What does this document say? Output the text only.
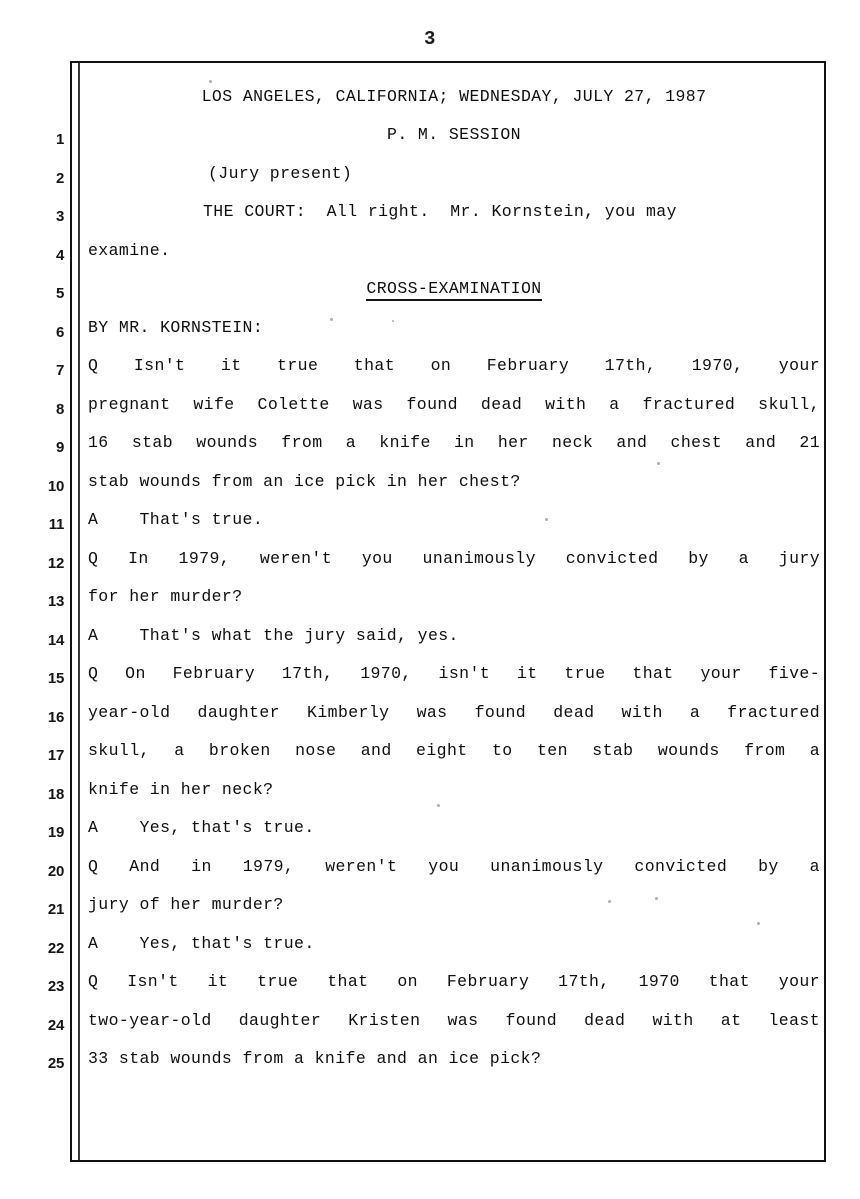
3
1
2
3
4
5
6
7
8
9
10
11
12
13
14
15
16
17
18
19
20
21
22
23
24
25
LOS ANGELES, CALIFORNIA; WEDNESDAY, JULY 27, 1987
P. M. SESSION
(Jury present)
THE COURT:  All right.  Mr. Kornstein, you may
examine.
CROSS-EXAMINATION
BY MR. KORNSTEIN:
Q Isn't it true that on February 17th, 1970, your
pregnant wife Colette was found dead with a fractured skull,
16 stab wounds from a knife in her neck and chest and 21
stab wounds from an ice pick in her chest?
A    That's true.
Q In 1979, weren't you unanimously convicted by a jury
for her murder?
A    That's what the jury said, yes.
Q On February 17th, 1970, isn't it true that your five-
year-old daughter Kimberly was found dead with a fractured
skull, a broken nose and eight to ten stab wounds from a
knife in her neck?
A    Yes, that's true.
Q And in 1979, weren't you unanimously convicted by a
jury of her murder?
A    Yes, that's true.
Q Isn't it true that on February 17th, 1970 that your
two-year-old daughter Kristen was found dead with at least
33 stab wounds from a knife and an ice pick?
